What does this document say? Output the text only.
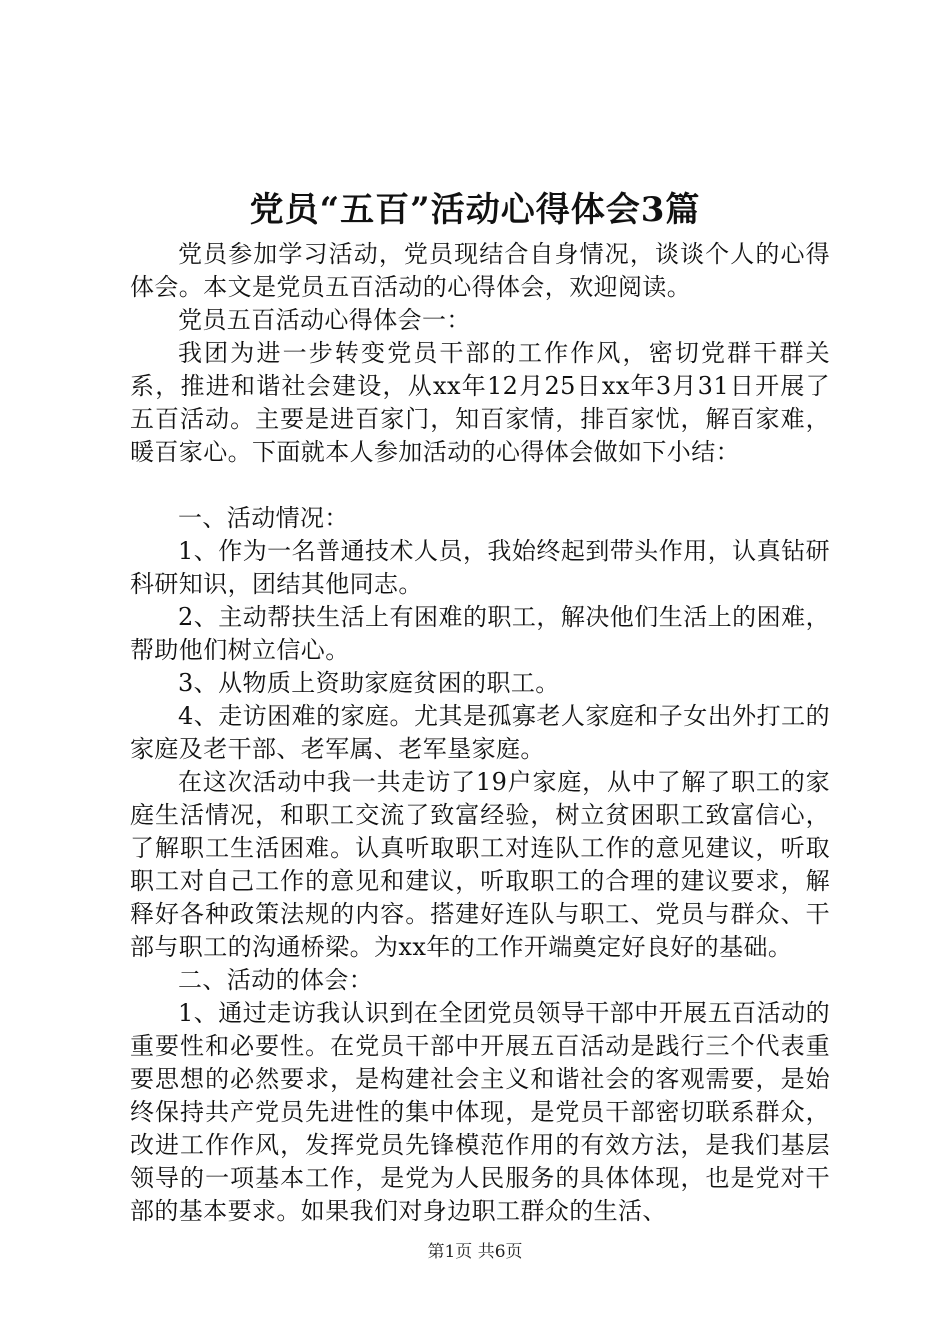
党员“五百”活动心得体会3篇

党员参加学习活动，党员现结合自身情况，谈谈个人的心得体会。本文是党员五百活动的心得体会，欢迎阅读。

党员五百活动心得体会一：

我团为进一步转变党员干部的工作作风，密切党群干群关系，推进和谐社会建设，从xx年12月25日xx年3月31日开展了五百活动。主要是进百家门，知百家情，排百家忧，解百家难，暖百家心。下面就本人参加活动的心得体会做如下小结：

一、活动情况：

1、作为一名普通技术人员，我始终起到带头作用，认真钻研科研知识，团结其他同志。

2、主动帮扶生活上有困难的职工，解决他们生活上的困难，帮助他们树立信心。

3、从物质上资助家庭贫困的职工。

4、走访困难的家庭。尤其是孤寡老人家庭和子女出外打工的家庭及老干部、老军属、老军垦家庭。

在这次活动中我一共走访了19户家庭，从中了解了职工的家庭生活情况，和职工交流了致富经验，树立贫困职工致富信心，了解职工生活困难。认真听取职工对连队工作的意见建议，听取职工对自己工作的意见和建议，听取职工的合理的建议要求，解释好各种政策法规的内容。搭建好连队与职工、党员与群众、干部与职工的沟通桥梁。为xx年的工作开端奠定好良好的基础。

二、活动的体会：

1、通过走访我认识到在全团党员领导干部中开展五百活动的重要性和必要性。在党员干部中开展五百活动是践行三个代表重要思想的必然要求，是构建社会主义和谐社会的客观需要，是始终保持共产党员先进性的集中体现，是党员干部密切联系群众，改进工作作风，发挥党员先锋模范作用的有效方法，是我们基层领导的一项基本工作，是党为人民服务的具体体现，也是党对干部的基本要求。如果我们对身边职工群众的生活、

第1页 共6页
